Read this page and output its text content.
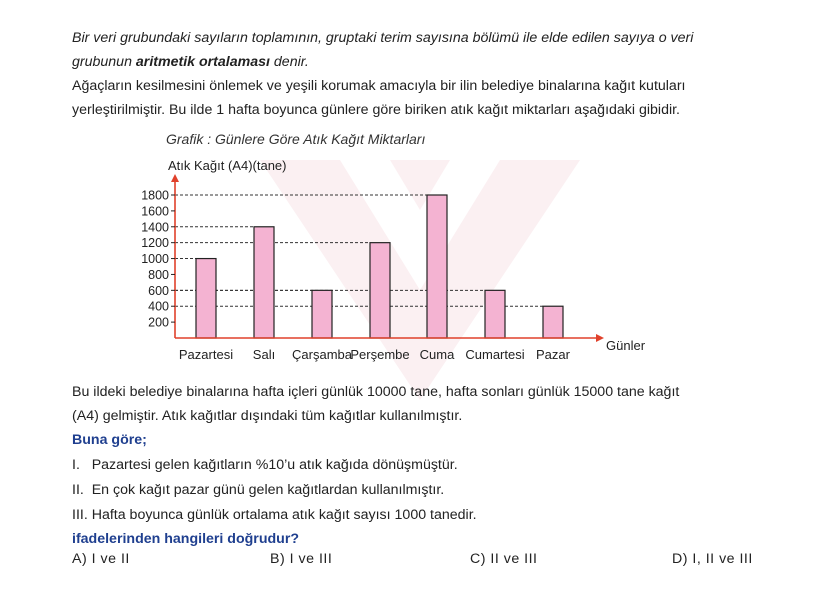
Bir veri grubundaki sayıların toplamının, gruptaki terim sayısına bölümü ile elde edilen sayıya o veri
grubunun aritmetik ortalaması denir.
Ağaçların kesilmesini önlemek ve yeşili korumak amacıyla bir ilin belediye binalarına kağıt kutuları
yerleştirilmiştir. Bu ilde 1 hafta boyunca günlere göre biriken atık kağıt miktarları aşağıdaki gibidir.
Grafik : Günlere Göre Atık Kağıt Miktarları
Atık Kağıt (A4)(tane)
Günler
200
400
600
800
1000
1200
1400
1600
1800
Pazartesi Salı Çarşamba
Perşembe Cuma Cumartesi Pazar
Bu ildeki belediye binalarına hafta içleri günlük 10000 tane, hafta sonları günlük 15000 tane kağıt
(A4) gelmiştir. Atık kağıtlar dışındaki tüm kağıtlar kullanılmıştır.
Buna göre;
I.   Pazartesi gelen kağıtların %10’u atık kağıda dönüşmüştür.
II.  En çok kağıt pazar günü gelen kağıtlardan kullanılmıştır.
III. Hafta boyunca günlük ortalama atık kağıt sayısı 1000 tanedir.
ifadelerinden hangileri doğrudur?
A) I ve II	B) I ve III	C) II ve III	D) I, II ve III
